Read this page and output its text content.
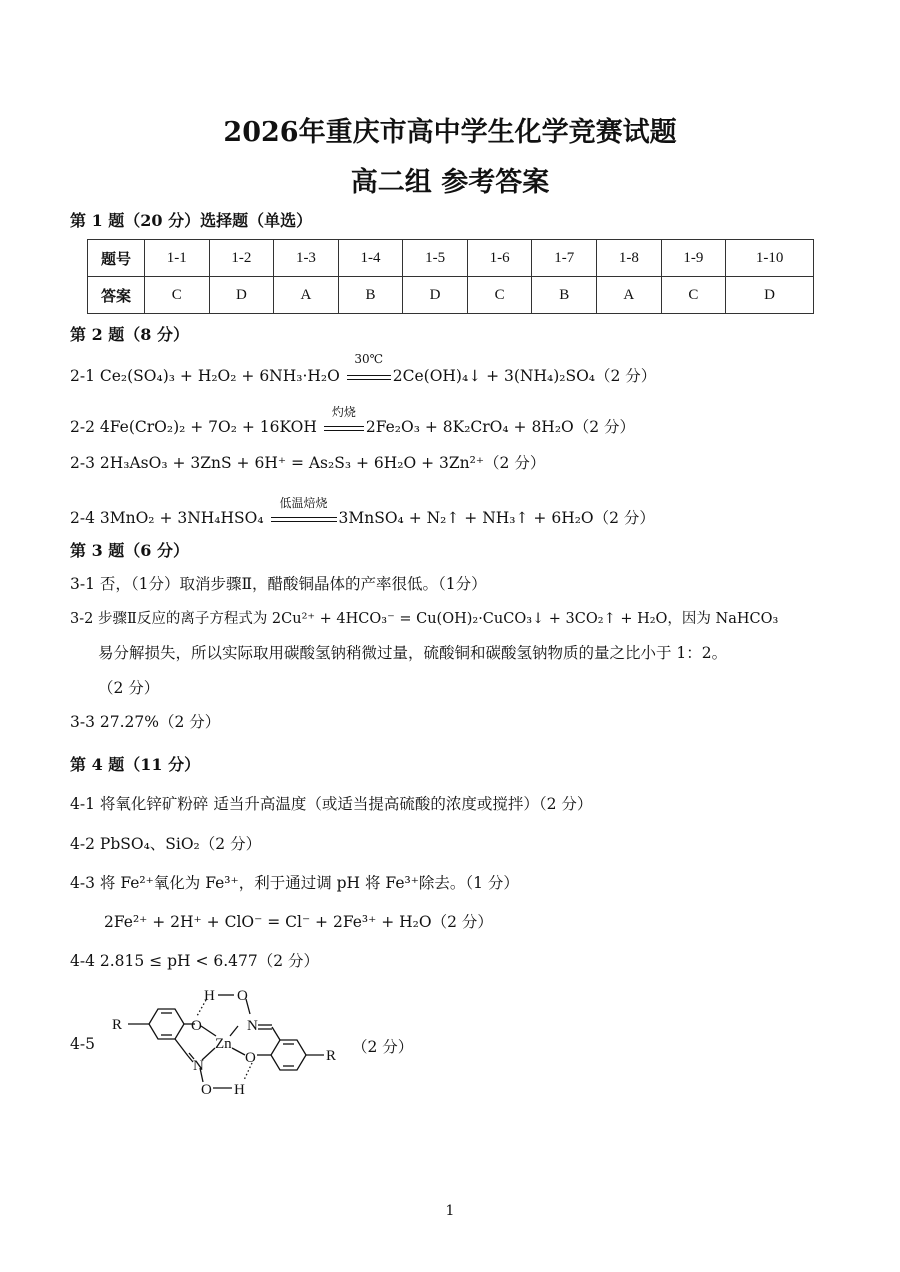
2026年重庆市高中学生化学竞赛试题
高二组 参考答案
第 1 题（20 分）选择题（单选）
题号	1-1	1-2	1-3	1-4	1-5	1-6	1-7	1-8	1-9	1-10
答案	C	D	A	B	D	C	B	A	C	D
第 2 题（8 分）
2-1 Ce₂(SO₄)₃ + H₂O₂ + 6NH₃·H₂O
30℃
2Ce(OH)₄↓ + 3(NH₄)₂SO₄（2 分）
2-2 4Fe(CrO₂)₂ + 7O₂ + 16KOH
灼烧
2Fe₂O₃ + 8K₂CrO₄ + 8H₂O（2 分）
2-3 2H₃AsO₃ + 3ZnS + 6H⁺ = As₂S₃ + 6H₂O + 3Zn²⁺（2 分）
2-4 3MnO₂ + 3NH₄HSO₄
低温焙烧
3MnSO₄ + N₂↑ + NH₃↑ + 6H₂O（2 分）
第 3 题（6 分）
3-1 否，（1分）取消步骤Ⅱ，醋酸铜晶体的产率很低。（1分）
3-2 步骤Ⅱ反应的离子方程式为 2Cu²⁺ + 4HCO₃⁻ = Cu(OH)₂·CuCO₃↓ + 3CO₂↑ + H₂O，因为 NaHCO₃
易分解损失，所以实际取用碳酸氢钠稍微过量，硫酸铜和碳酸氢钠物质的量之比小于 1：2。
（2 分）
3-3 27.27%（2 分）
第 4 题（11 分）
4-1 将氧化锌矿粉碎 适当升高温度（或适当提高硫酸的浓度或搅拌）（2 分）
4-2 PbSO₄、SiO₂（2 分）
4-3 将 Fe²⁺氧化为 Fe³⁺，利于通过调 pH 将 Fe³⁺除去。（1 分）
2Fe²⁺ + 2H⁺ + ClO⁻ = Cl⁻ + 2Fe³⁺ + H₂O（2 分）
4-4 2.815 ≤ pH < 6.477（2 分）
4-5	（2 分）
R	O
H O
N
Zn
N	O
O H
R
1
